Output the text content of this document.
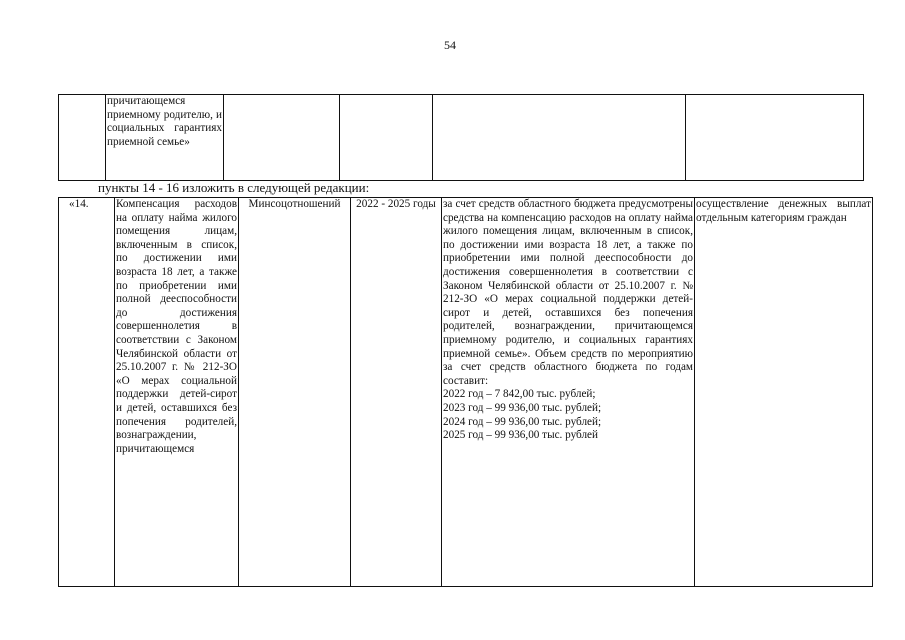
54
	причитающемся приемному родителю, и социальных гарантиях приемной семье»				
пункты 14 - 16 изложить в следующей редакции:
«14.	Компенсация расходов на оплату найма жилого помещения лицам, включенным в список, по достижении ими возраста 18 лет, а также по приобретении ими полной дееспособности до достижения совершеннолетия в соответствии с Законом Челябинской области от 25.10.2007 г. № 212-ЗО «О мерах социальной поддержки детей-сирот и детей, оставшихся без попечения родителей, вознаграждении, причитающемся	Минсоцотношений	2022 - 2025 годы	за счет средств областного бюджета предусмотрены средства на компенсацию расходов на оплату найма жилого помещения лицам, включенным в список, по достижении ими возраста 18 лет, а также по приобретении ими полной дееспособности до достижения совершеннолетия в соответствии с Законом Челябинской области от 25.10.2007 г. № 212-ЗО «О мерах социальной поддержки детей-сирот и детей, оставшихся без попечения родителей, вознаграждении, причитающемся приемному родителю, и социальных гарантиях приемной семье». Объем средств по мероприятию за счет средств областного бюджета по годам составит:
2022 год – 7 842,00 тыс. рублей;
2023 год – 99 936,00 тыс. рублей;
2024 год – 99 936,00 тыс. рублей;
2025 год – 99 936,00 тыс. рублей
	осуществление денежных выплат отдельным категориям граждан
